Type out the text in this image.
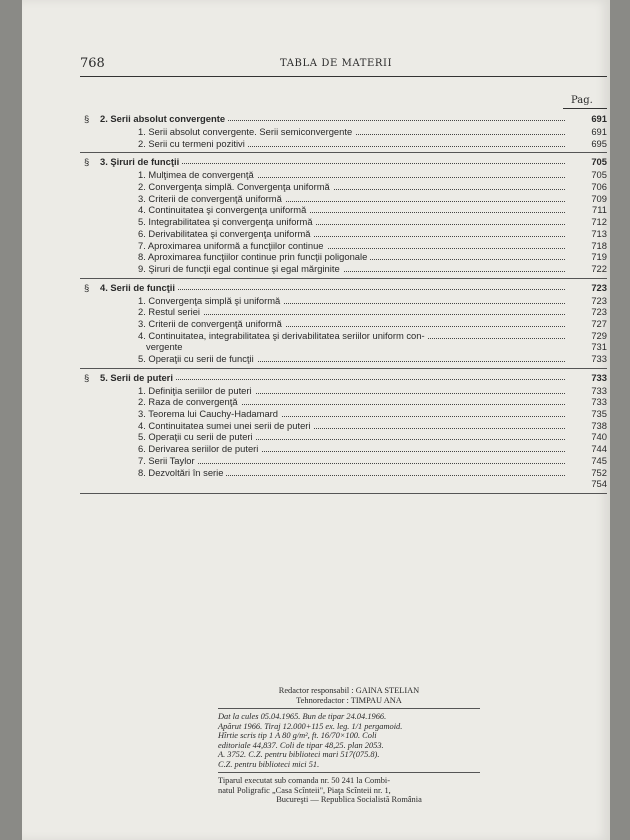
768	TABLA DE MATERII
Pag.
§ 2. Serii absolut convergente	691
1. Serii absolut convergente. Serii semiconvergente	691
2. Serii cu termeni pozitivi	695
§ 3. Şiruri de funcţii	705
1. Mulţimea de convergenţă	705
2. Convergenţa simplă. Convergenţa uniformă	706
3. Criterii de convergenţă uniformă	709
4. Continuitatea şi convergenţa uniformă	711
5. Integrabilitatea şi convergenţa uniformă	712
6. Derivabilitatea şi convergenţa uniformă	713
7. Aproximarea uniformă a funcţiilor continue	718
8. Aproximarea funcţiilor continue prin funcţii poligonale	719
9. Şiruri de funcţii egal continue şi egal mărginite	722
§ 4. Serii de funcţii	723
1. Convergenţa simplă şi uniformă	723
2. Restul seriei	723
3. Criterii de convergenţă uniformă	727
4. Continuitatea, integrabilitatea şi derivabilitatea seriilor uniform con-	729
vergente	731
5. Operaţii cu serii de funcţii	733
§ 5. Serii de puteri	733
1. Definiţia seriilor de puteri	733
2. Raza de convergenţă	733
3. Teorema lui Cauchy-Hadamard	735
4. Continuitatea sumei unei serii de puteri	738
5. Operaţii cu serii de puteri	740
6. Derivarea seriilor de puteri	744
7. Serii Taylor	745
8. Dezvoltări în serie	752
754
Redactor responsabil : GAINA STELIAN
Tehnoredactor : TIMPAU ANA
Dat la cules 05.04.1965. Bun de tipar 24.04.1966.
Apărut 1966. Tiraj 12.000+115 ex. leg. 1/1 pergamoid.
Hîrtie scris tip 1 A 80 g/m², ft. 16/70×100. Coli
editoriale 44,837. Coli de tipar 48,25. plan 2053.
A. 3752. C.Z. pentru biblioteci mari 517(075.8).
C.Z. pentru biblioteci mici 51.
Tiparul executat sub comanda nr. 50 241 la Combi-
natul Poligrafic „Casa Scînteii", Piaţa Scînteii nr. 1,
Bucureşti — Republica Socialistă România
